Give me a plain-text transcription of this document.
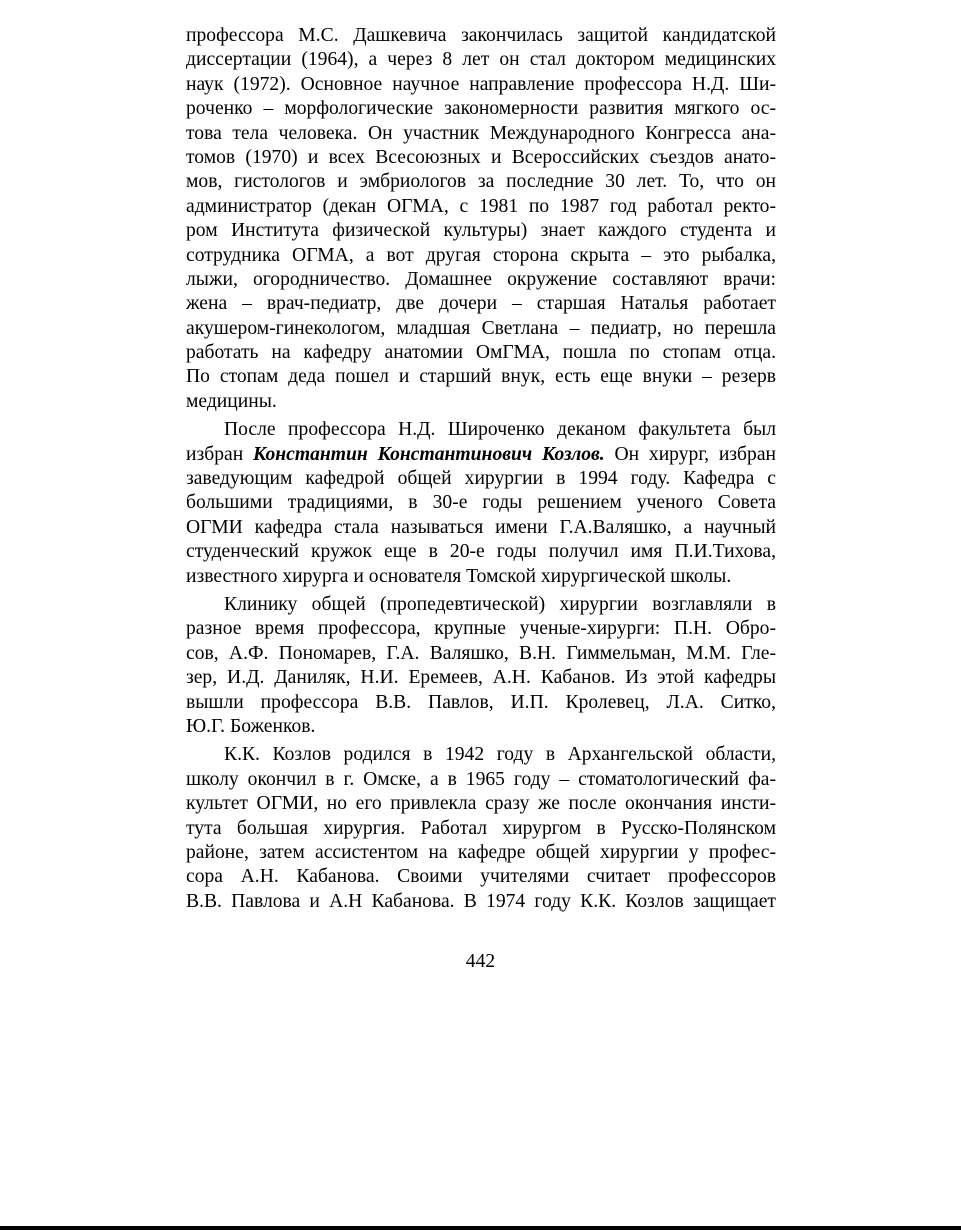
профессора М.С. Дашкевича закончилась защитой кандидатской
диссертации (1964), а через 8 лет он стал доктором медицинских
наук (1972). Основное научное направление профессора Н.Д. Ши-
роченко – морфологические закономерности развития мягкого ос-
това тела человека. Он участник Международного Конгресса ана-
томов (1970) и всех Всесоюзных и Всероссийских съездов анато-
мов, гистологов и эмбриологов за последние 30 лет. То, что он
администратор (декан ОГМА, с 1981 по 1987 год работал ректо-
ром Института физической культуры) знает каждого студента и
сотрудника ОГМА, а вот другая сторона скрыта – это рыбалка,
лыжи, огородничество. Домашнее окружение составляют врачи:
жена – врач-педиатр, две дочери – старшая Наталья работает
акушером-гинекологом, младшая Светлана – педиатр, но перешла
работать на кафедру анатомии ОмГМА, пошла по стопам отца.
По стопам деда пошел и старший внук, есть еще внуки – резерв
медицины.
После профессора Н.Д. Широченко деканом факультета был
избран Константин Константинович Козлов. Он хирург, избран
заведующим кафедрой общей хирургии в 1994 году. Кафедра с
большими традициями, в 30-е годы решением ученого Совета
ОГМИ кафедра стала называться имени Г.А.Валяшко, а научный
студенческий кружок еще в 20-е годы получил имя П.И.Тихова,
известного хирурга и основателя Томской хирургической школы.
Клинику общей (пропедевтической) хирургии возглавляли в
разное время профессора, крупные ученые-хирурги: П.Н. Обро-
сов, А.Ф. Пономарев, Г.А. Валяшко, В.Н. Гиммельман, М.М. Гле-
зер, И.Д. Даниляк, Н.И. Еремеев, А.Н. Кабанов. Из этой кафедры
вышли профессора В.В. Павлов, И.П. Кролевец, Л.А. Ситко,
Ю.Г. Боженков.
К.К. Козлов родился в 1942 году в Архангельской области,
школу окончил в г. Омске, а в 1965 году – стоматологический фа-
культет ОГМИ, но его привлекла сразу же после окончания инсти-
тута большая хирургия. Работал хирургом в Русско-Полянском
районе, затем ассистентом на кафедре общей хирургии у профес-
сора А.Н. Кабанова. Своими учителями считает профессоров
В.В. Павлова и А.Н Кабанова. В 1974 году К.К. Козлов защищает
442
